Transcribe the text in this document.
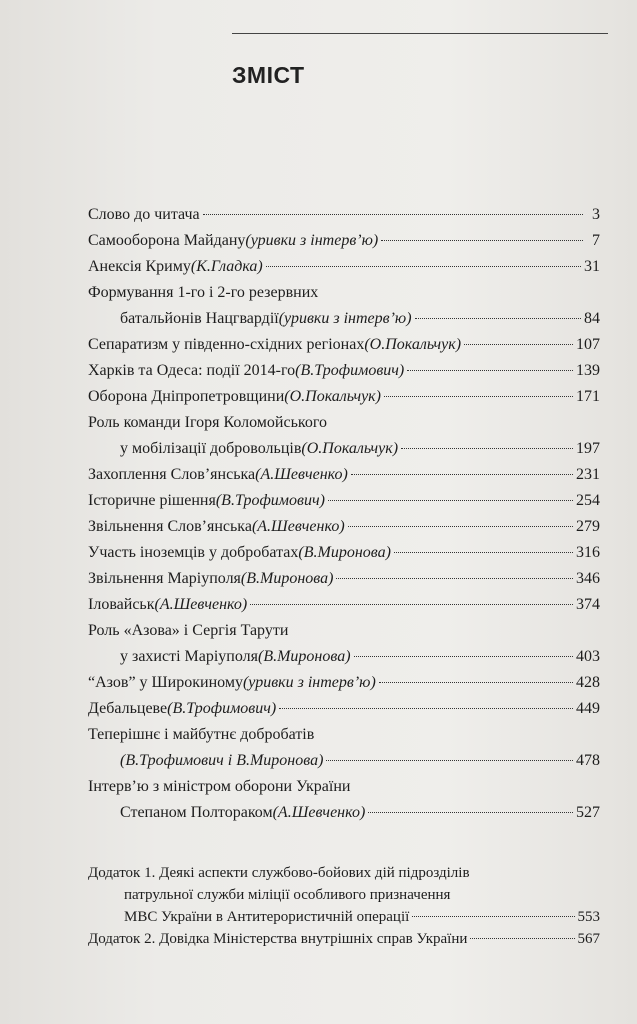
ЗМІСТ
Слово до читача	3
Самооборона Майдану (уривки з інтерв’ю)	7
Анексія Криму (К.Гладка)	31
Формування 1-го і 2-го резервних
батальйонів Нацгвардії (уривки з інтерв’ю)	84
Сепаратизм у південно-східних регіонах (О.Покальчук)	107
Харків та Одеса: події 2014-го (В.Трофимович)	139
Оборона Дніпропетровщини (О.Покальчук)	171
Роль команди Ігоря Коломойського
у мобілізації добровольців (О.Покальчук)	197
Захоплення Слов’янська (А.Шевченко)	231
Історичне рішення (В.Трофимович)	254
Звільнення Слов’янська (А.Шевченко)	279
Участь іноземців у добробатах (В.Миронова)	316
Звільнення Маріуполя (В.Миронова)	346
Іловайськ (А.Шевченко)	374
Роль «Азова» і Сергія Тарути
у захисті Маріуполя (В.Миронова)	403
“Азов” у Широкиному (уривки з інтерв’ю)	428
Дебальцеве (В.Трофимович)	449
Теперішнє і майбутнє добробатів
(В.Трофимович і В.Миронова)	478
Інтерв’ю з міністром оборони України
Степаном Полтораком (А.Шевченко)	527
Додаток 1. Деякі аспекти службово-бойових дій підрозділів
патрульної служби міліції особливого призначення
МВС України в Антитерористичній операції	553
Додаток 2. Довідка Міністерства внутрішніх справ України	567
